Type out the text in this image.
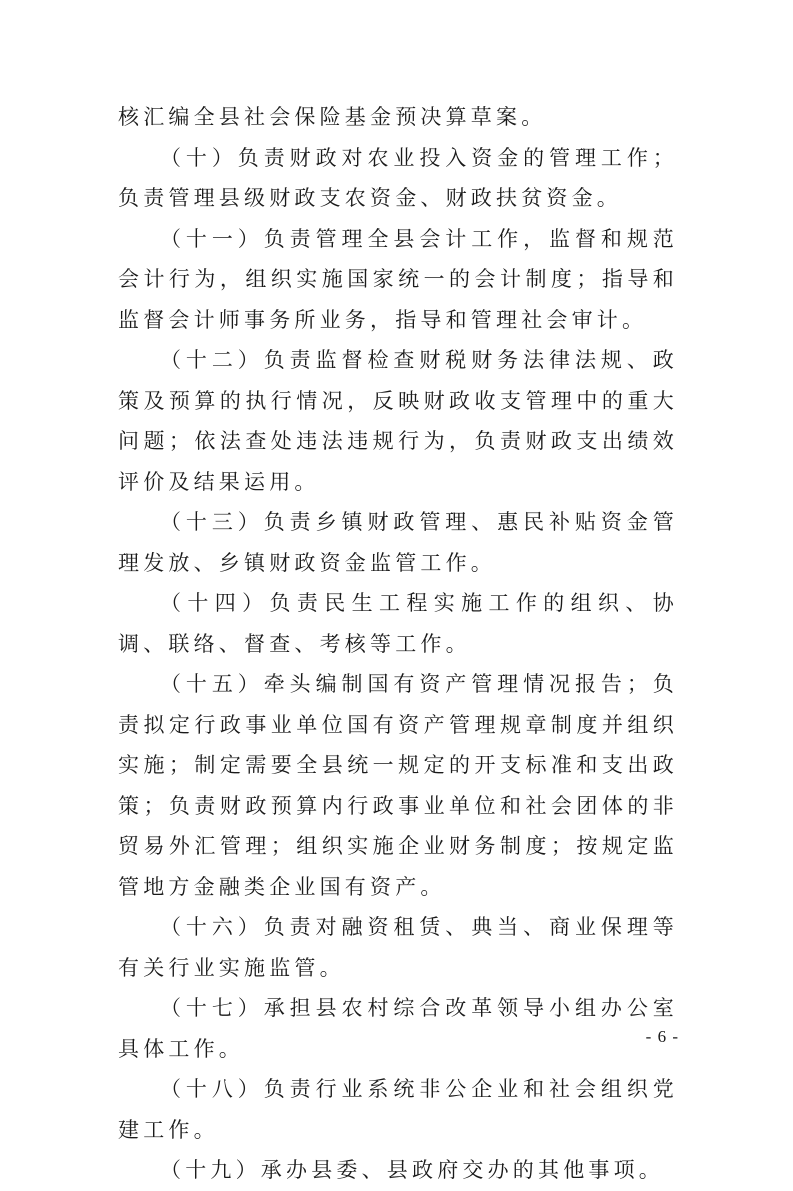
核汇编全县社会保险基金预决算草案。

（十）负责财政对农业投入资金的管理工作；负责管理县级财政支农资金、财政扶贫资金。

（十一）负责管理全县会计工作，监督和规范会计行为，组织实施国家统一的会计制度；指导和监督会计师事务所业务，指导和管理社会审计。

（十二）负责监督检查财税财务法律法规、政策及预算的执行情况，反映财政收支管理中的重大问题；依法查处违法违规行为，负责财政支出绩效评价及结果运用。

（十三）负责乡镇财政管理、惠民补贴资金管理发放、乡镇财政资金监管工作。

（十四）负责民生工程实施工作的组织、协调、联络、督查、考核等工作。

（十五）牵头编制国有资产管理情况报告；负责拟定行政事业单位国有资产管理规章制度并组织实施；制定需要全县统一规定的开支标准和支出政策；负责财政预算内行政事业单位和社会团体的非贸易外汇管理；组织实施企业财务制度；按规定监管地方金融类企业国有资产。

（十六）负责对融资租赁、典当、商业保理等有关行业实施监管。

（十七）承担县农村综合改革领导小组办公室具体工作。

（十八）负责行业系统非公企业和社会组织党建工作。

（十九）承办县委、县政府交办的其他事项。

- 6 -
